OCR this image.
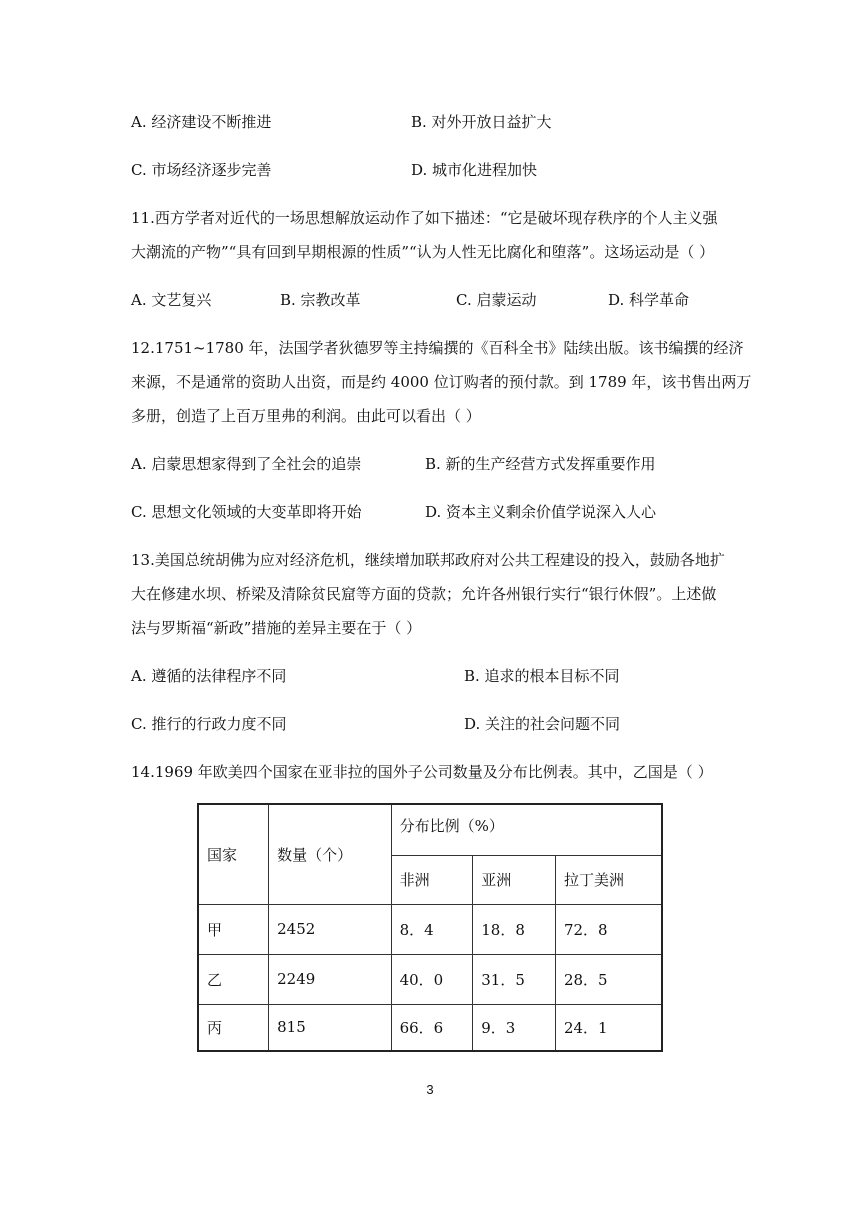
A. 经济建设不断推进	B. 对外开放日益扩大
C. 市场经济逐步完善	D. 城市化进程加快
11.西方学者对近代的一场思想解放运动作了如下描述：“它是破坏现存秩序的个人主义强
大潮流的产物”“具有回到早期根源的性质”“认为人性无比腐化和堕落”。这场运动是（ ）
A. 文艺复兴	B. 宗教改革	C. 启蒙运动	D. 科学革命
12.1751~1780 年，法国学者狄德罗等主持编撰的《百科全书》陆续出版。该书编撰的经济
来源，不是通常的资助人出资，而是约 4000 位订购者的预付款。到 1789 年，该书售出两万
多册，创造了上百万里弗的利润。由此可以看出（ ）
A. 启蒙思想家得到了全社会的追崇	B. 新的生产经营方式发挥重要作用
C. 思想文化领域的大变革即将开始	D. 资本主义剩余价值学说深入人心
13.美国总统胡佛为应对经济危机，继续增加联邦政府对公共工程建设的投入，鼓励各地扩
大在修建水坝、桥梁及清除贫民窟等方面的贷款；允许各州银行实行“银行休假”。上述做
法与罗斯福“新政”措施的差异主要在于（ ）
A. 遵循的法律程序不同	B. 追求的根本目标不同
C. 推行的行政力度不同	D. 关注的社会问题不同
14.1969 年欧美四个国家在亚非拉的国外子公司数量及分布比例表。其中，乙国是（ ）
国家	数量（个）	分布比例（%）		
		非洲	亚洲	拉丁美洲
甲	2452	8．4	18．8	72．8
乙	2249	40．0	31．5	28．5
丙	815	66．6	9．3	24．1
3
